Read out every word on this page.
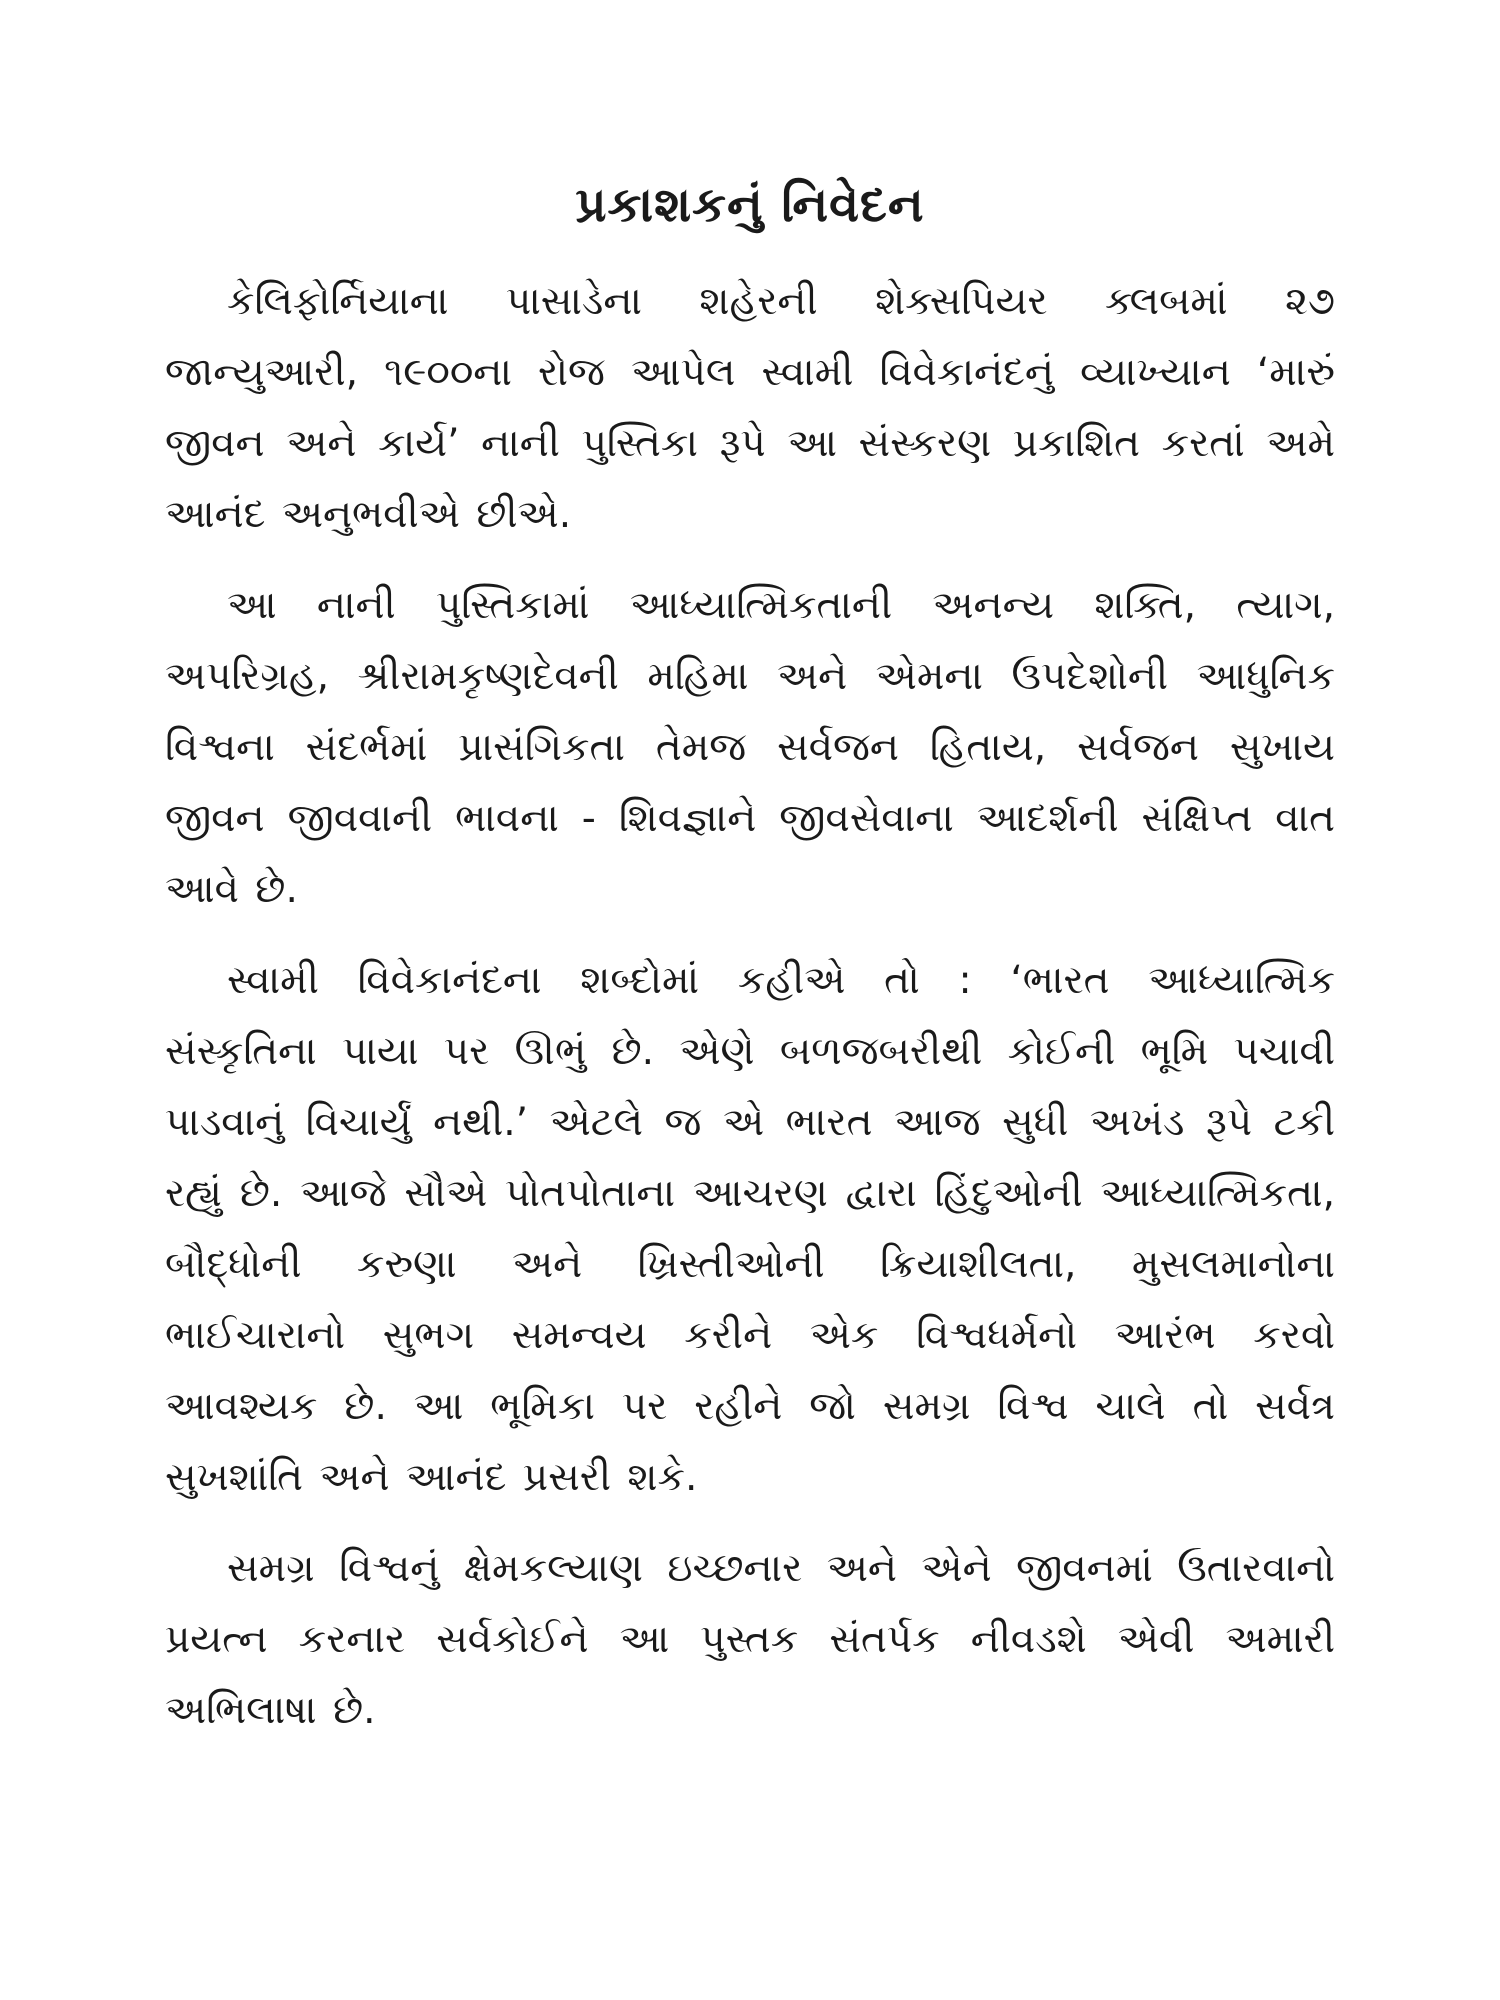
પ્રકાશકનું નિવેદન

કેલિફોર્નિયાના પાસાડેના શહેરની શેક્સપિયર ક્લબમાં ૨૭ જાન્યુઆરી, ૧૯૦૦ના રોજ આપેલ સ્વામી વિવેકાનંદનું વ્યાખ્યાન ‘મારું જીવન અને કાર્ય’ નાની પુસ્તિકા રૂપે આ સંસ્કરણ પ્રકાશિત કરતાં અમે આનંદ અનુભવીએ છીએ.

આ નાની પુસ્તિકામાં આધ્યાત્મિકતાની અનન્ય શક્તિ, ત્યાગ, અપરિગ્રહ, શ્રીરામકૃષ્ણદેવની મહિમા અને એમના ઉપદેશોની આધુનિક વિશ્વના સંદર્ભમાં પ્રાસંગિકતા તેમજ સર્વજન હિતાય, સર્વજન સુખાય જીવન જીવવાની ભાવના - શિવજ્ઞાને જીવસેવાના આદર્શની સંક્ષિપ્ત વાત આવે છે.

સ્વામી વિવેકાનંદના શબ્દોમાં કહીએ તો : ‘ભારત આધ્યાત્મિક સંસ્કૃતિના પાયા પર ઊભું છે. એણે બળજબરીથી કોઈની ભૂમિ પચાવી પાડવાનું વિચાર્યું નથી.’ એટલે જ એ ભારત આજ સુધી અખંડ રૂપે ટકી રહ્યું છે. આજે સૌએ પોતપોતાના આચરણ દ્વારા હિંદુઓની આધ્યાત્મિકતા, બૌદ્ધોની કરુણા અને ખ્રિસ્તીઓની ક્રિયાશીલતા, મુસલમાનોના ભાઈચારાનો સુભગ સમન્વય કરીને એક વિશ્વધર્મનો આરંભ કરવો આવશ્યક છે. આ ભૂમિકા પર રહીને જો સમગ્ર વિશ્વ ચાલે તો સર્વત્ર સુખશાંતિ અને આનંદ પ્રસરી શકે.

સમગ્ર વિશ્વનું ક્ષેમકલ્યાણ ઇચ્છનાર અને એને જીવનમાં ઉતારવાનો પ્રયત્ન કરનાર સર્વકોઈને આ પુસ્તક સંતર્પક નીવડશે એવી અમારી અભિલાષા છે.
